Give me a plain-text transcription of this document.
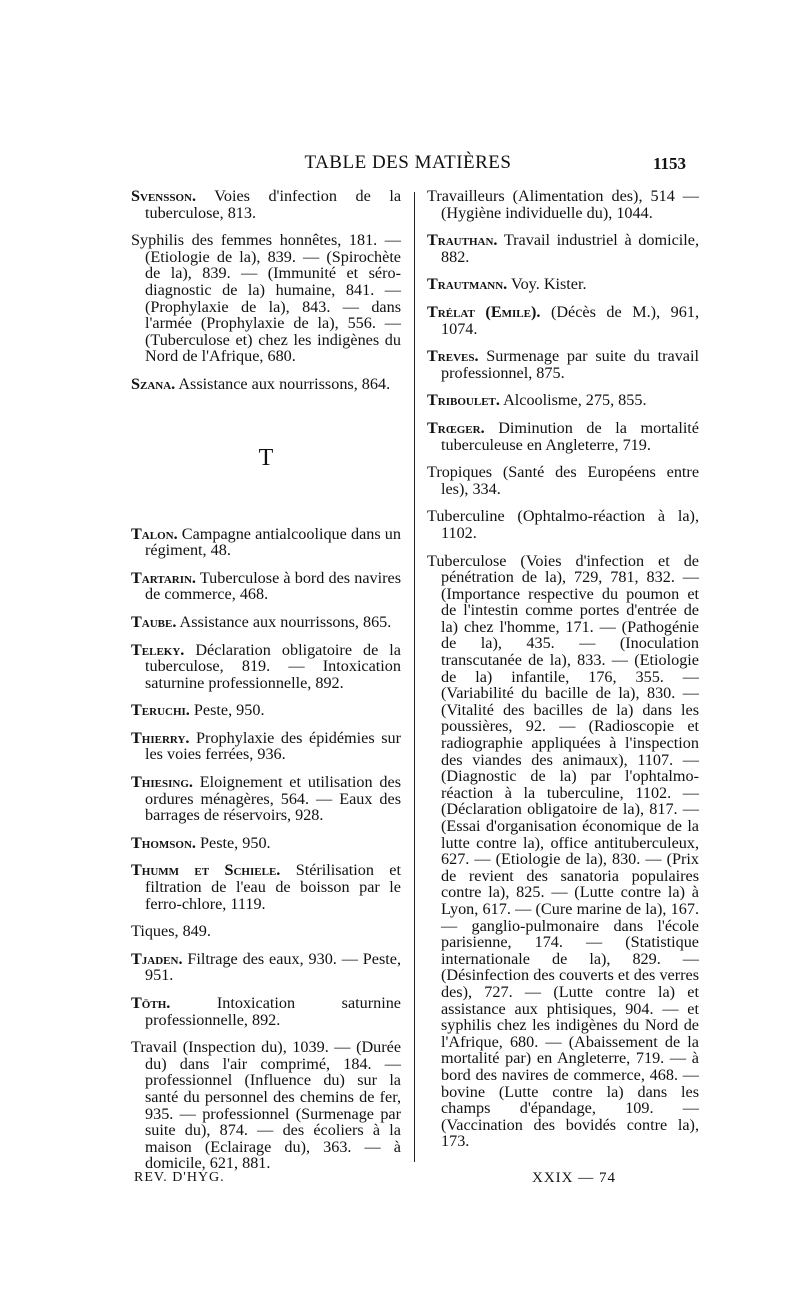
TABLE DES MATIÈRES	1153

Svensson. Voies d'infection de la tuberculose, 813.

Syphilis des femmes honnêtes, 181. — (Etiologie de la), 839. — (Spirochète de la), 839. — (Immunité et séro-diagnostic de la) humaine, 841. — (Prophylaxie de la), 843. — dans l'armée (Prophylaxie de la), 556. — (Tuberculose et) chez les indigènes du Nord de l'Afrique, 680.

Szana. Assistance aux nourrissons, 864.

T

Talon. Campagne antialcoolique dans un régiment, 48.

Tartarin. Tuberculose à bord des navires de commerce, 468.

Taube. Assistance aux nourrissons, 865.

Teleky. Déclaration obligatoire de la tuberculose, 819. — Intoxication saturnine professionnelle, 892.

Teruchi. Peste, 950.

Thierry. Prophylaxie des épidémies sur les voies ferrées, 936.

Thiesing. Eloignement et utilisation des ordures ménagères, 564. — Eaux des barrages de réservoirs, 928.

Thomson. Peste, 950.

Thumm et Schiele. Stérilisation et filtration de l'eau de boisson par le ferro-chlore, 1119.

Tiques, 849.

Tjaden. Filtrage des eaux, 930. — Peste, 951.

Tōth. Intoxication saturnine professionnelle, 892.

Travail (Inspection du), 1039. — (Durée du) dans l'air comprimé, 184. — professionnel (Influence du) sur la santé du personnel des chemins de fer, 935. — professionnel (Surmenage par suite du), 874. — des écoliers à la maison (Eclairage du), 363. — à domicile, 621, 881.

Travailleurs (Alimentation des), 514 — (Hygiène individuelle du), 1044.

Trauthan. Travail industriel à domicile, 882.

Trautmann. Voy. Kister.

Trélat (Emile). (Décès de M.), 961, 1074.

Treves. Surmenage par suite du travail professionnel, 875.

Triboulet. Alcoolisme, 275, 855.

Trœger. Diminution de la mortalité tuberculeuse en Angleterre, 719.

Tropiques (Santé des Européens entre les), 334.

Tuberculine (Ophtalmo-réaction à la), 1102.

Tuberculose (Voies d'infection et de pénétration de la), 729, 781, 832. — (Importance respective du poumon et de l'intestin comme portes d'entrée de la) chez l'homme, 171. — (Pathogénie de la), 435. — (Inoculation transcutanée de la), 833. — (Etiologie de la) infantile, 176, 355. — (Variabilité du bacille de la), 830. — (Vitalité des bacilles de la) dans les poussières, 92. — (Radioscopie et radiographie appliquées à l'inspection des viandes des animaux), 1107. — (Diagnostic de la) par l'ophtalmo-réaction à la tuberculine, 1102. — (Déclaration obligatoire de la), 817. — (Essai d'organisation économique de la lutte contre la), office antituberculeux, 627. — (Etiologie de la), 830. — (Prix de revient des sanatoria populaires contre la), 825. — (Lutte contre la) à Lyon, 617. — (Cure marine de la), 167. — ganglio-pulmonaire dans l'école parisienne, 174. — (Statistique internationale de la), 829. — (Désinfection des couverts et des verres des), 727. — (Lutte contre la) et assistance aux phtisiques, 904. — et syphilis chez les indigènes du Nord de l'Afrique, 680. — (Abaissement de la mortalité par) en Angleterre, 719. — à bord des navires de commerce, 468. — bovine (Lutte contre la) dans les champs d'épandage, 109. — (Vaccination des bovidés contre la), 173.

REV. D'HYG.	XXIX — 74
